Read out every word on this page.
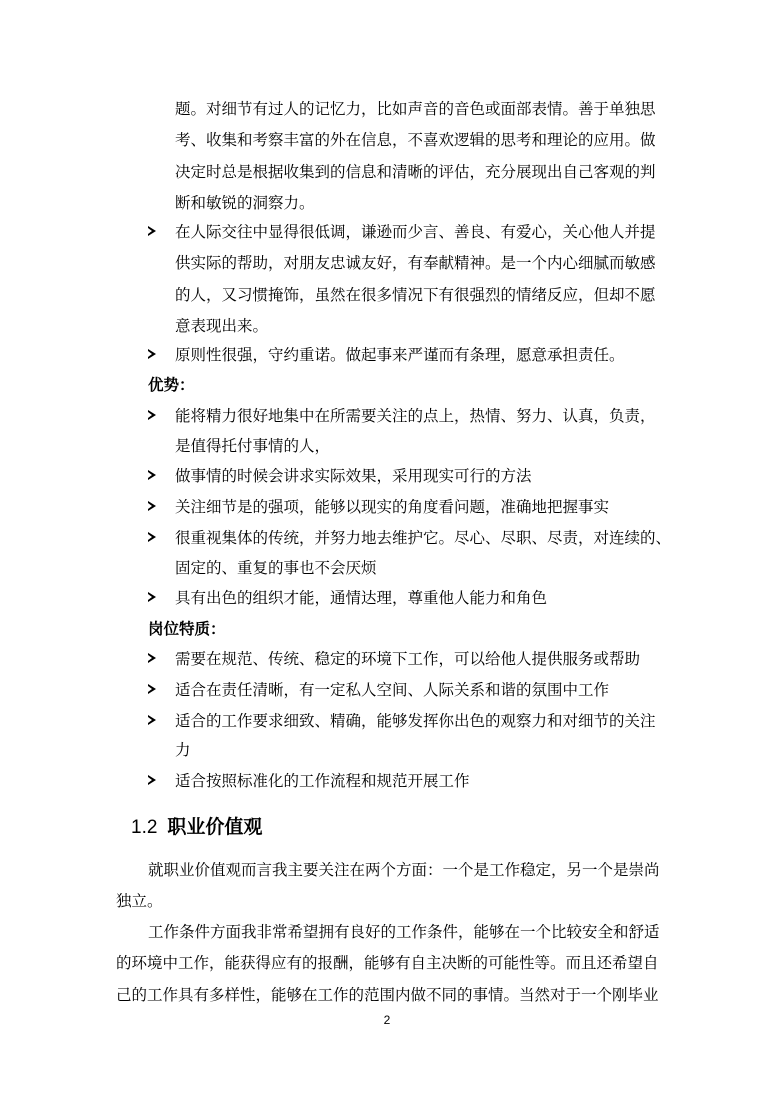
题。对细节有过人的记忆力，比如声音的音色或面部表情。善于单独思
考、收集和考察丰富的外在信息，不喜欢逻辑的思考和理论的应用。做
决定时总是根据收集到的信息和清晰的评估，充分展现出自己客观的判
断和敏锐的洞察力。
在人际交往中显得很低调，谦逊而少言、善良、有爱心，关心他人并提
供实际的帮助，对朋友忠诚友好，有奉献精神。是一个内心细腻而敏感
的人，又习惯掩饰，虽然在很多情况下有很强烈的情绪反应，但却不愿
意表现出来。
原则性很强，守约重诺。做起事来严谨而有条理，愿意承担责任。
优势：
能将精力很好地集中在所需要关注的点上，热情、努力、认真，负责，
是值得托付事情的人，
做事情的时候会讲求实际效果，采用现实可行的方法
关注细节是的强项，能够以现实的角度看问题，准确地把握事实
很重视集体的传统，并努力地去维护它。尽心、尽职、尽责，对连续的、
固定的、重复的事也不会厌烦
具有出色的组织才能，通情达理，尊重他人能力和角色
岗位特质：
需要在规范、传统、稳定的环境下工作，可以给他人提供服务或帮助
适合在责任清晰，有一定私人空间、人际关系和谐的氛围中工作
适合的工作要求细致、精确，能够发挥你出色的观察力和对细节的关注
力
适合按照标准化的工作流程和规范开展工作
1.2 职业价值观
就职业价值观而言我主要关注在两个方面：一个是工作稳定，另一个是崇尚
独立。
工作条件方面我非常希望拥有良好的工作条件，能够在一个比较安全和舒适
的环境中工作，能获得应有的报酬，能够有自主决断的可能性等。而且还希望自
己的工作具有多样性，能够在工作的范围内做不同的事情。当然对于一个刚毕业
2
